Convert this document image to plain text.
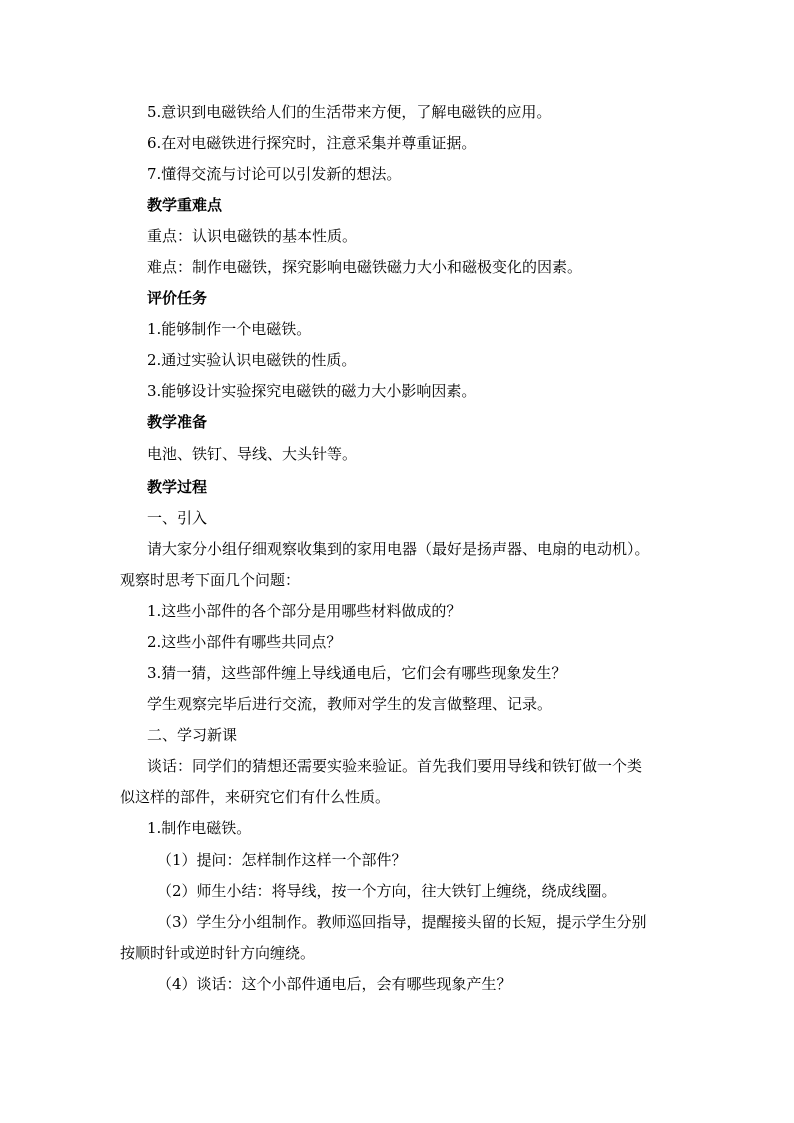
5.意识到电磁铁给人们的生活带来方便，了解电磁铁的应用。
6.在对电磁铁进行探究时，注意采集并尊重证据。
7.懂得交流与讨论可以引发新的想法。
教学重难点
重点：认识电磁铁的基本性质。
难点：制作电磁铁，探究影响电磁铁磁力大小和磁极变化的因素。
评价任务
1.能够制作一个电磁铁。
2.通过实验认识电磁铁的性质。
3.能够设计实验探究电磁铁的磁力大小影响因素。
教学准备
电池、铁钉、导线、大头针等。
教学过程
一、引入
请大家分小组仔细观察收集到的家用电器（最好是扬声器、电扇的电动机）。
观察时思考下面几个问题：
1.这些小部件的各个部分是用哪些材料做成的？
2.这些小部件有哪些共同点？
3.猜一猜，这些部件缠上导线通电后，它们会有哪些现象发生？
学生观察完毕后进行交流，教师对学生的发言做整理、记录。
二、学习新课
谈话：同学们的猜想还需要实验来验证。首先我们要用导线和铁钉做一个类
似这样的部件，来研究它们有什么性质。
1.制作电磁铁。
（1）提问：怎样制作这样一个部件？
（2）师生小结：将导线，按一个方向，往大铁钉上缠绕，绕成线圈。
（3）学生分小组制作。教师巡回指导，提醒接头留的长短，提示学生分别
按顺时针或逆时针方向缠绕。
（4）谈话：这个小部件通电后，会有哪些现象产生？
